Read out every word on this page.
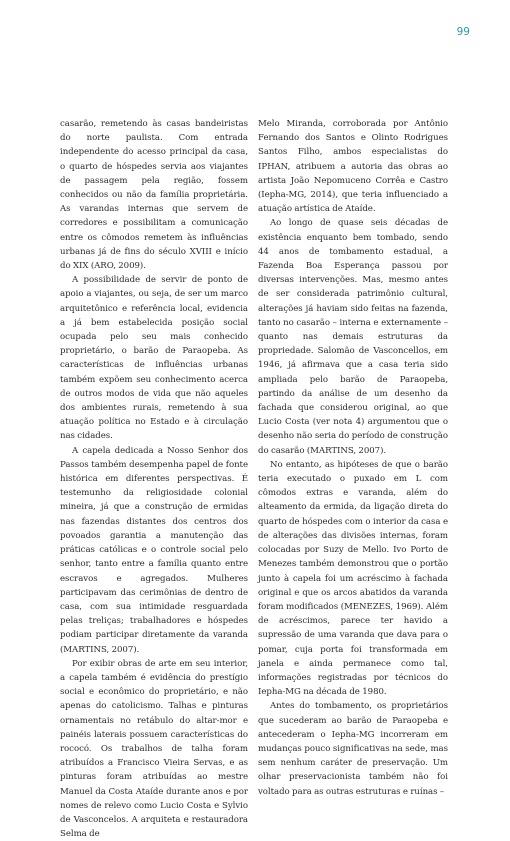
99

casarão, remetendo às casas bandeiristas do norte paulista. Com entrada independente do acesso principal da casa, o quarto de hóspedes servia aos viajantes de passagem pela região, fossem conhecidos ou não da família proprietária. As varandas internas que servem de corredores e possibilitam a comunicação entre os cômodos remetem às influências urbanas já de fins do século XVIII e início do XIX (ARO, 2009).

A possibilidade de servir de ponto de apoio a viajantes, ou seja, de ser um marco arquitetônico e referência local, evidencia a já bem estabelecida posição social ocupada pelo seu mais conhecido proprietário, o barão de Paraopeba. As características de influências urbanas também expõem seu conhecimento acerca de outros modos de vida que não aqueles dos ambientes rurais, remetendo à sua atuação política no Estado e à circulação nas cidades.

A capela dedicada a Nosso Senhor dos Passos também desempenha papel de fonte histórica em diferentes perspectivas. É testemunho da religiosidade colonial mineira, já que a construção de ermidas nas fazendas distantes dos centros dos povoados garantia a manutenção das práticas católicas e o controle social pelo senhor, tanto entre a família quanto entre escravos e agregados. Mulheres participavam das cerimônias de dentro de casa, com sua intimidade resguardada pelas treliças; trabalhadores e hóspedes podiam participar diretamente da varanda (MARTINS, 2007).

Por exibir obras de arte em seu interior, a capela também é evidência do prestígio social e econômico do proprietário, e não apenas do catolicismo. Talhas e pinturas ornamentais no retábulo do altar-mor e painéis laterais possuem características do rococó. Os trabalhos de talha foram atribuídos a Francisco Vieira Servas, e as pinturas foram atribuídas ao mestre Manuel da Costa Ataíde durante anos e por nomes de relevo como Lucio Costa e Sylvio de Vasconcelos. A arquiteta e restauradora Selma de

Melo Miranda, corroborada por Antônio Fernando dos Santos e Olinto Rodrigues Santos Filho, ambos especialistas do IPHAN, atribuem a autoria das obras ao artista João Nepomuceno Corrêa e Castro (Iepha-MG, 2014), que teria influenciado a atuação artística de Ataíde.

Ao longo de quase seis décadas de existência enquanto bem tombado, sendo 44 anos de tombamento estadual, a Fazenda Boa Esperança passou por diversas intervenções. Mas, mesmo antes de ser considerada patrimônio cultural, alterações já haviam sido feitas na fazenda, tanto no casarão – interna e externamente – quanto nas demais estruturas da propriedade. Salomão de Vasconcellos, em 1946, já afirmava que a casa teria sido ampliada pelo barão de Paraopeba, partindo da análise de um desenho da fachada que considerou original, ao que Lucio Costa (ver nota 4) argumentou que o desenho não seria do período de construção do casarão (MARTINS, 2007).

No entanto, as hipóteses de que o barão teria executado o puxado em L com cômodos extras e varanda, além do alteamento da ermida, da ligação direta do quarto de hóspedes com o interior da casa e de alterações das divisões internas, foram colocadas por Suzy de Mello. Ivo Porto de Menezes também demonstrou que o portão junto à capela foi um acréscimo à fachada original e que os arcos abatidos da varanda foram modificados (MENEZES, 1969). Além de acréscimos, parece ter havido a supressão de uma varanda que dava para o pomar, cuja porta foi transformada em janela e ainda permanece como tal, informações registradas por técnicos do Iepha-MG na década de 1980.

Antes do tombamento, os proprietários que sucederam ao barão de Paraopeba e antecederam o Iepha-MG incorreram em mudanças pouco significativas na sede, mas sem nenhum caráter de preservação. Um olhar preservacionista também não foi voltado para as outras estruturas e ruínas –
